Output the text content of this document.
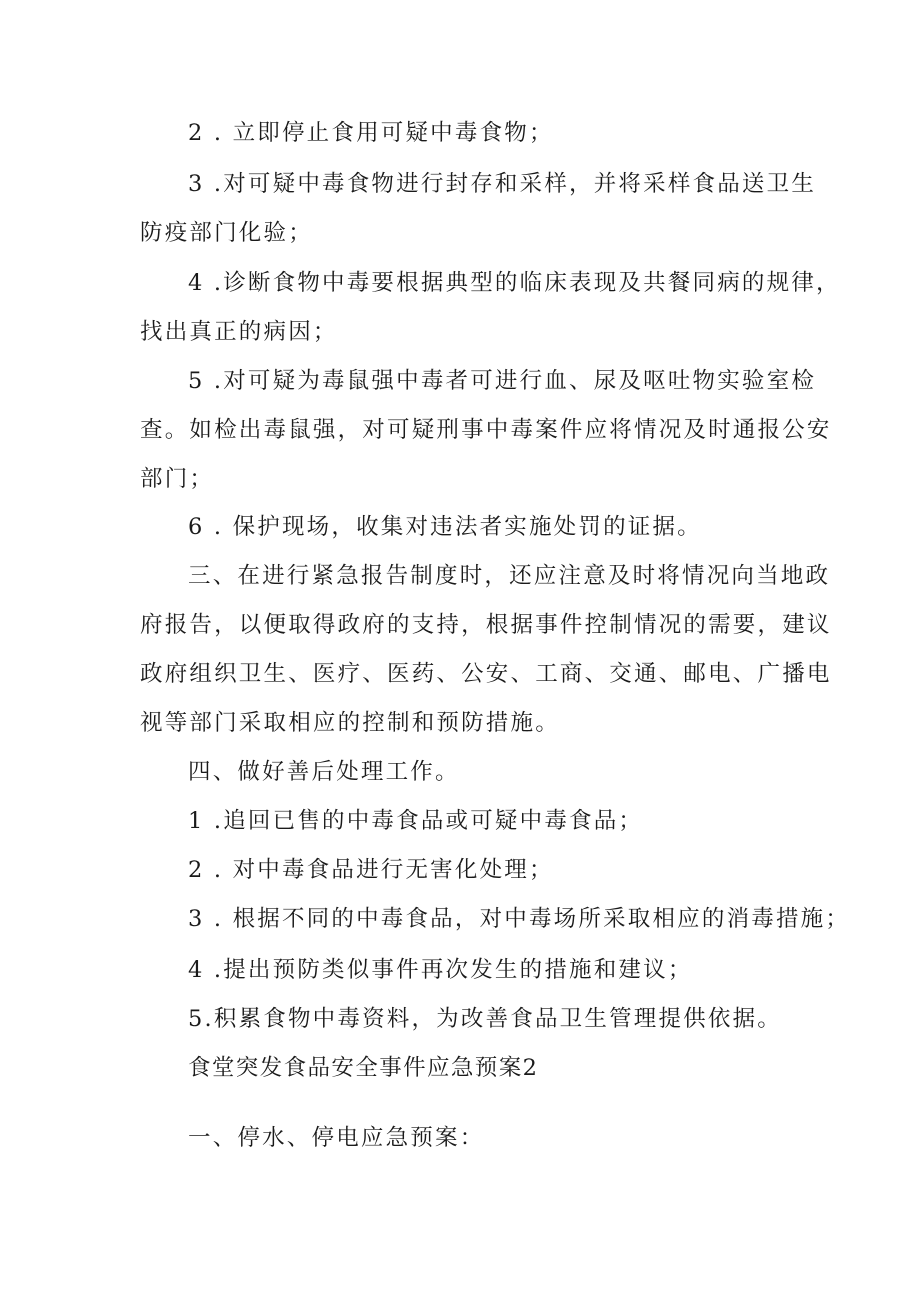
2 . 立即停止食用可疑中毒食物；
3 .对可疑中毒食物进行封存和采样，并将采样食品送卫生
防疫部门化验；
4 .诊断食物中毒要根据典型的临床表现及共餐同病的规律，
找出真正的病因；
5 .对可疑为毒鼠强中毒者可进行血、尿及呕吐物实验室检
查。如检出毒鼠强，对可疑刑事中毒案件应将情况及时通报公安
部门；
6 . 保护现场，收集对违法者实施处罚的证据。
三、在进行紧急报告制度时，还应注意及时将情况向当地政
府报告，以便取得政府的支持，根据事件控制情况的需要，建议
政府组织卫生、医疗、医药、公安、工商、交通、邮电、广播电
视等部门采取相应的控制和预防措施。
四、做好善后处理工作。
1 .追回已售的中毒食品或可疑中毒食品；
2 . 对中毒食品进行无害化处理；
3 . 根据不同的中毒食品，对中毒场所采取相应的消毒措施；
4 .提出预防类似事件再次发生的措施和建议；
5.积累食物中毒资料，为改善食品卫生管理提供依据。
食堂突发食品安全事件应急预案2
一、停水、停电应急预案：
